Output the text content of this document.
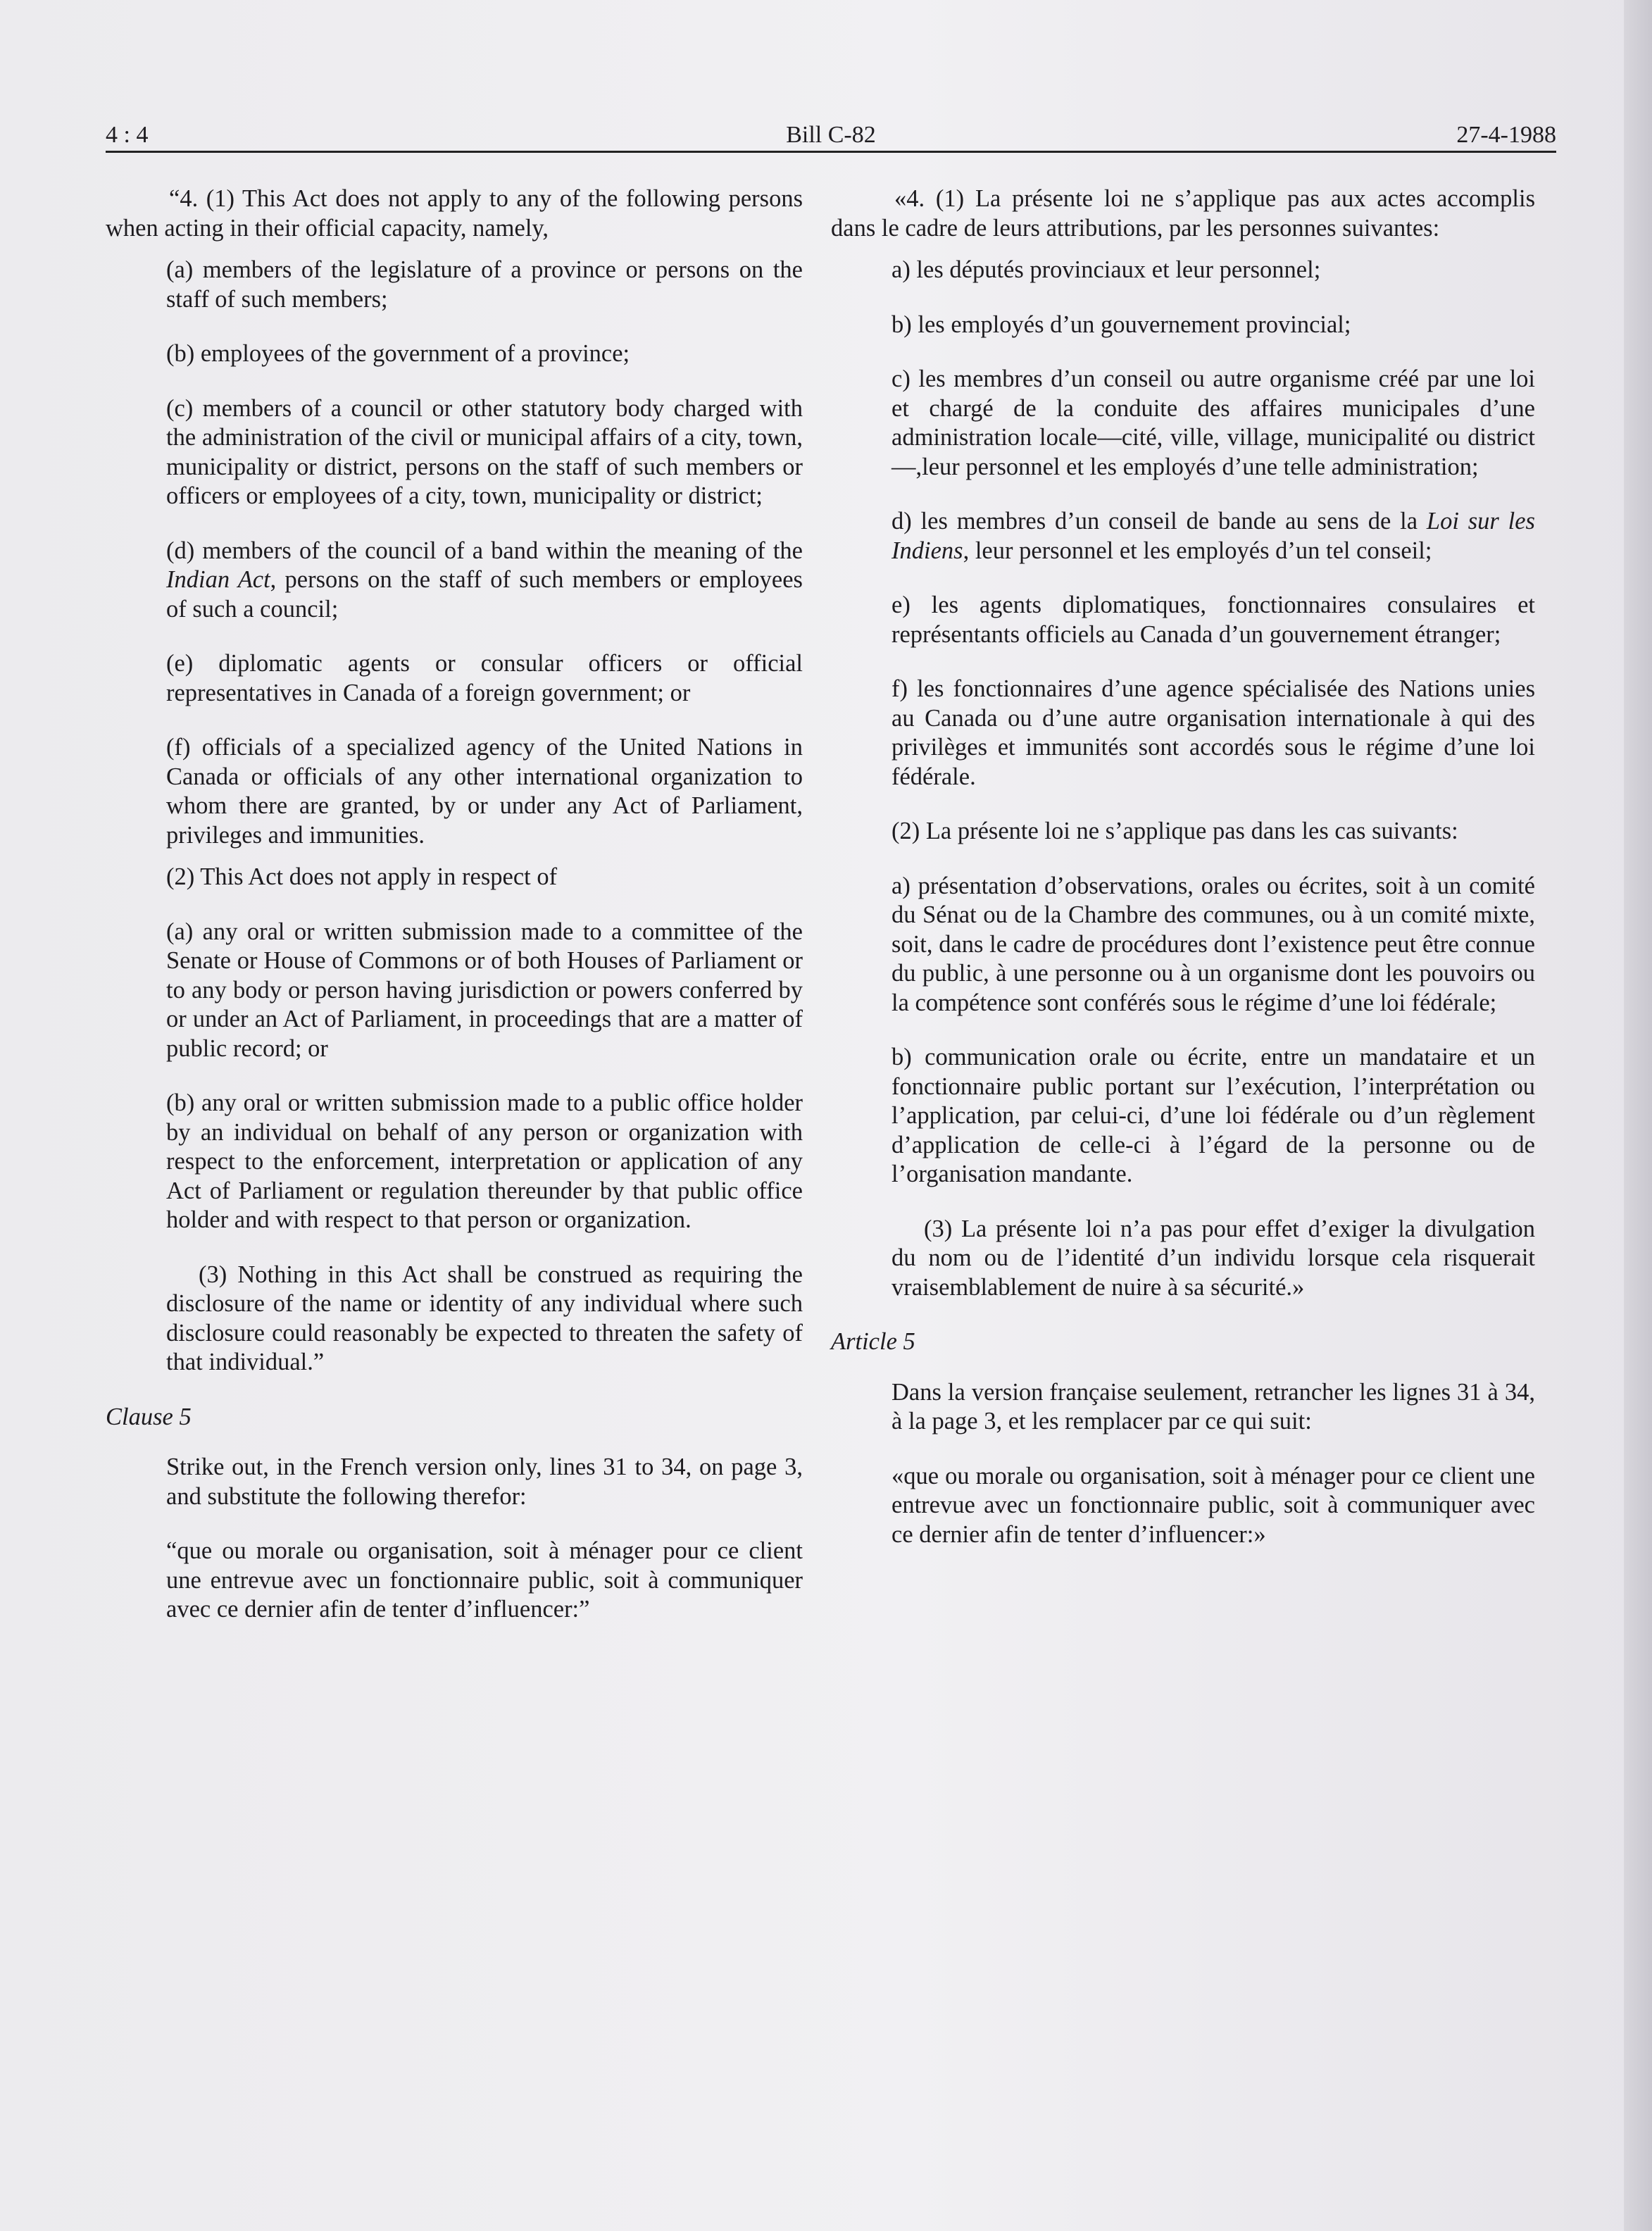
4 : 4	Bill C-82	27-4-1988

“4. (1) This Act does not apply to any of the following persons when acting in their official capacity, namely,

(a) members of the legislature of a province or persons on the staff of such members;

(b) employees of the government of a province;

(c) members of a council or other statutory body charged with the administration of the civil or municipal affairs of a city, town, municipality or district, persons on the staff of such members or officers or employees of a city, town, municipality or district;

(d) members of the council of a band within the meaning of the Indian Act, persons on the staff of such members or employees of such a council;

(e) diplomatic agents or consular officers or official representatives in Canada of a foreign government; or

(f) officials of a specialized agency of the United Nations in Canada or officials of any other international organization to whom there are granted, by or under any Act of Parliament, privileges and immunities.

(2) This Act does not apply in respect of

(a) any oral or written submission made to a committee of the Senate or House of Commons or of both Houses of Parliament or to any body or person having jurisdiction or powers conferred by or under an Act of Parliament, in proceedings that are a matter of public record; or

(b) any oral or written submission made to a public office holder by an individual on behalf of any person or organization with respect to the enforcement, interpretation or application of any Act of Parliament or regulation thereunder by that public office holder and with respect to that person or organization.

(3) Nothing in this Act shall be construed as requiring the disclosure of the name or identity of any individual where such disclosure could reasonably be expected to threaten the safety of that individual.”

Clause 5

Strike out, in the French version only, lines 31 to 34, on page 3, and substitute the following therefor:

“que ou morale ou organisation, soit à ménager pour ce client une entrevue avec un fonctionnaire public, soit à communiquer avec ce dernier afin de tenter d’influencer:”

«4. (1) La présente loi ne s’applique pas aux actes accomplis dans le cadre de leurs attributions, par les personnes suivantes:

a) les députés provinciaux et leur personnel;

b) les employés d’un gouvernement provincial;

c) les membres d’un conseil ou autre organisme créé par une loi et chargé de la conduite des affaires municipales d’une administration locale—cité, ville, village, municipalité ou district—,leur personnel et les employés d’une telle administration;

d) les membres d’un conseil de bande au sens de la Loi sur les Indiens, leur personnel et les employés d’un tel conseil;

e) les agents diplomatiques, fonctionnaires consulaires et représentants officiels au Canada d’un gouvernement étranger;

f) les fonctionnaires d’une agence spécialisée des Nations unies au Canada ou d’une autre organisation internationale à qui des privilèges et immunités sont accordés sous le régime d’une loi fédérale.

(2) La présente loi ne s’applique pas dans les cas suivants:

a) présentation d’observations, orales ou écrites, soit à un comité du Sénat ou de la Chambre des communes, ou à un comité mixte, soit, dans le cadre de procédures dont l’existence peut être connue du public, à une personne ou à un organisme dont les pouvoirs ou la compétence sont conférés sous le régime d’une loi fédérale;

b) communication orale ou écrite, entre un mandataire et un fonctionnaire public portant sur l’exécution, l’interprétation ou l’application, par celui-ci, d’une loi fédérale ou d’un règlement d’application de celle-ci à l’égard de la personne ou de l’organisation mandante.

(3) La présente loi n’a pas pour effet d’exiger la divulgation du nom ou de l’identité d’un individu lorsque cela risquerait vraisemblablement de nuire à sa sécurité.»

Article 5

Dans la version française seulement, retrancher les lignes 31 à 34, à la page 3, et les remplacer par ce qui suit:

«que ou morale ou organisation, soit à ménager pour ce client une entrevue avec un fonctionnaire public, soit à communiquer avec ce dernier afin de tenter d’influencer:»
